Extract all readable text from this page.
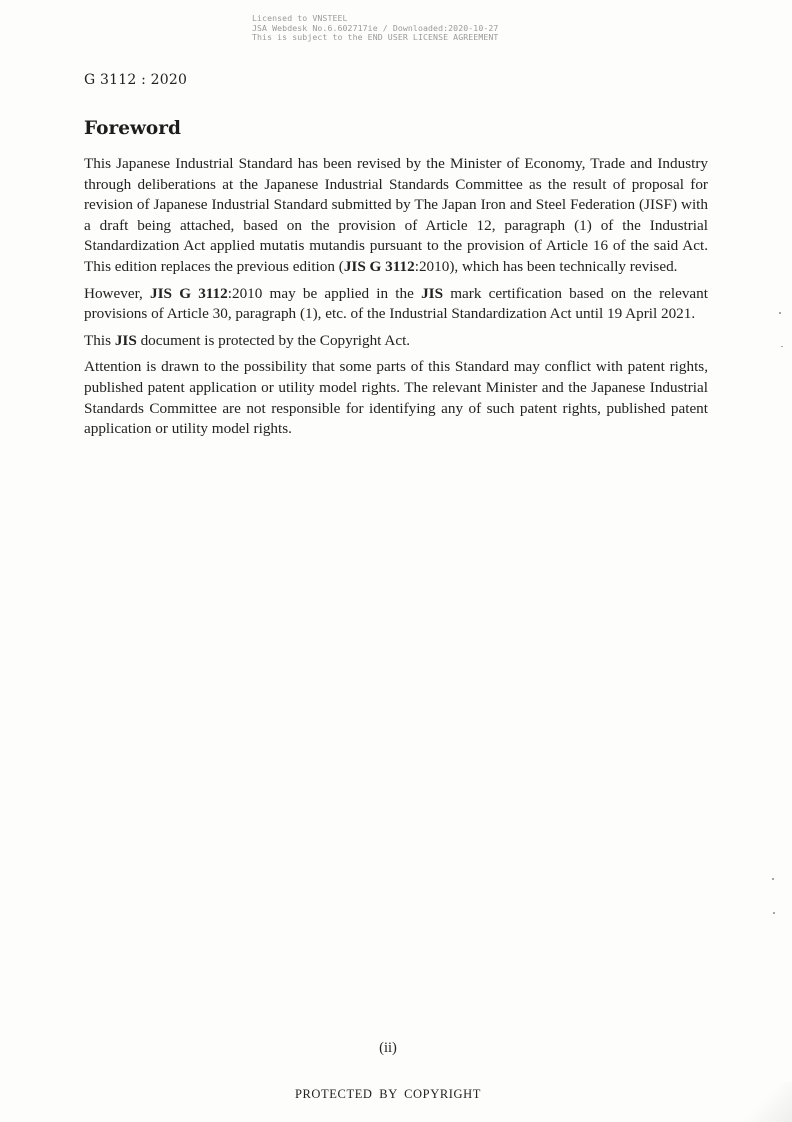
Licensed to VNSTEEL
JSA Webdesk No.6.602717ie / Downloaded:2020-10-27
This is subject to the END USER LICENSE AGREEMENT
G 3112 : 2020
Foreword

This Japanese Industrial Standard has been revised by the Minister of Economy, Trade and Industry through deliberations at the Japanese Industrial Standards Committee as the result of proposal for revision of Japanese Industrial Standard submitted by The Japan Iron and Steel Federation (JISF) with a draft being attached, based on the provision of Article 12, paragraph (1) of the Industrial Standardization Act applied mutatis mutandis pursuant to the provision of Article 16 of the said Act. This edition replaces the previous edition (JIS G 3112:2010), which has been technically revised.

However, JIS G 3112:2010 may be applied in the JIS mark certification based on the relevant provisions of Article 30, paragraph (1), etc. of the Industrial Standardization Act until 19 April 2021.

This JIS document is protected by the Copyright Act.

Attention is drawn to the possibility that some parts of this Standard may conflict with patent rights, published patent application or utility model rights. The relevant Minister and the Japanese Industrial Standards Committee are not responsible for identifying any of such patent rights, published patent application or utility model rights.

(ii)
PROTECTED BY COPYRIGHT
